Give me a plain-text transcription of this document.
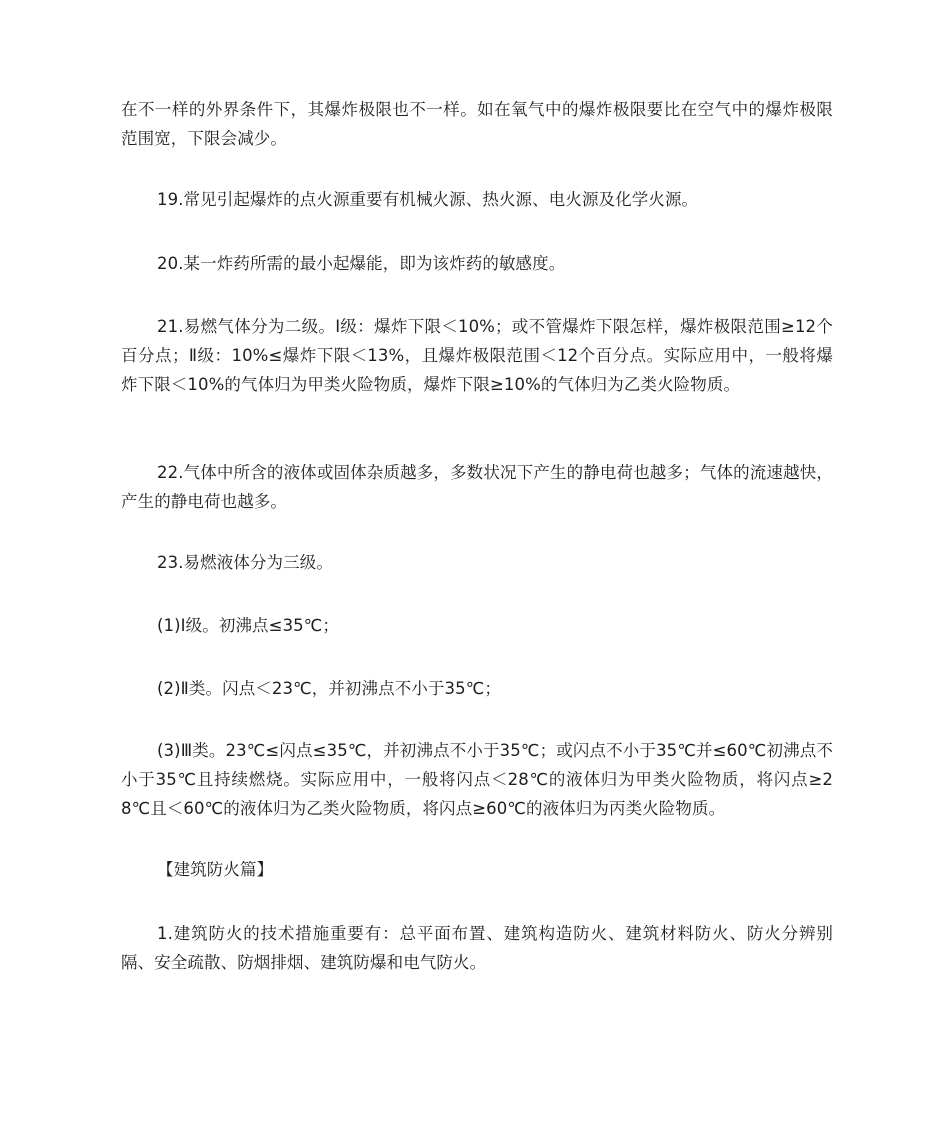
在不一样的外界条件下，其爆炸极限也不一样。如在氧气中的爆炸极限要比在空气中的爆炸极限范围宽，下限会减少。

19.常见引起爆炸的点火源重要有机械火源、热火源、电火源及化学火源。

20.某一炸药所需的最小起爆能，即为该炸药的敏感度。

21.易燃气体分为二级。Ⅰ级：爆炸下限＜10%；或不管爆炸下限怎样，爆炸极限范围≥12个百分点；Ⅱ级：10%≤爆炸下限＜13%，且爆炸极限范围＜12个百分点。实际应用中，一般将爆炸下限＜10%的气体归为甲类火险物质，爆炸下限≥10%的气体归为乙类火险物质。

22.气体中所含的液体或固体杂质越多，多数状况下产生的静电荷也越多；气体的流速越快，产生的静电荷也越多。

23.易燃液体分为三级。

(1)Ⅰ级。初沸点≤35℃；

(2)Ⅱ类。闪点＜23℃，并初沸点不小于35℃；

(3)Ⅲ类。23℃≤闪点≤35℃，并初沸点不小于35℃；或闪点不小于35℃并≤60℃初沸点不小于35℃且持续燃烧。实际应用中，一般将闪点＜28℃的液体归为甲类火险物质，将闪点≥28℃且＜60℃的液体归为乙类火险物质，将闪点≥60℃的液体归为丙类火险物质。

【建筑防火篇】

1.建筑防火的技术措施重要有：总平面布置、建筑构造防火、建筑材料防火、防火分辨别隔、安全疏散、防烟排烟、建筑防爆和电气防火。
